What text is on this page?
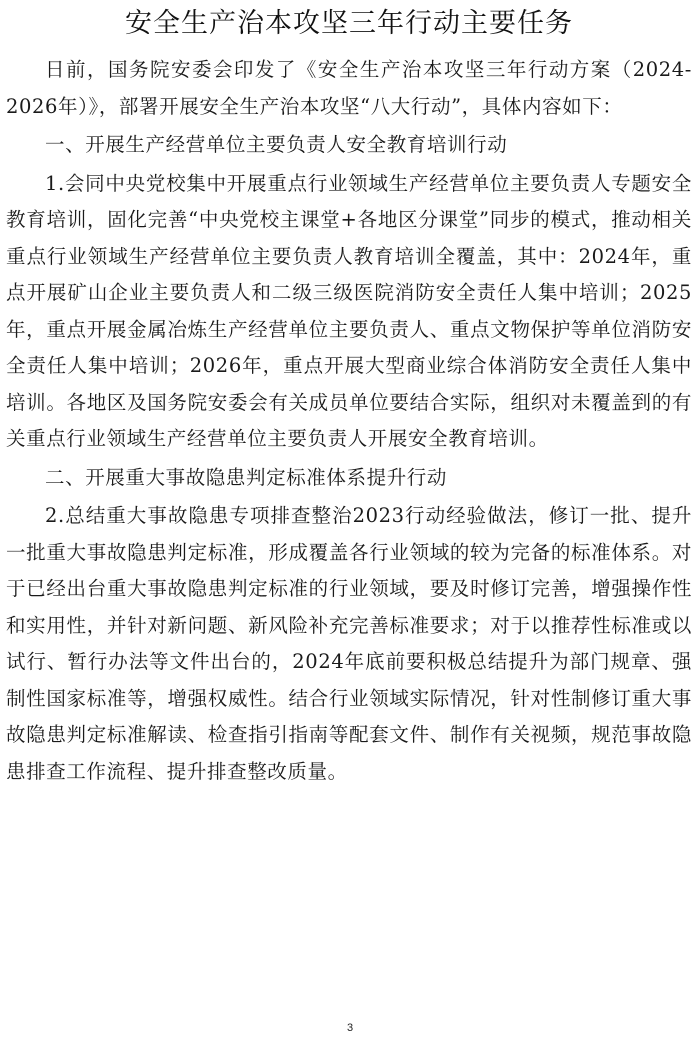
安全生产治本攻坚三年行动主要任务

日前，国务院安委会印发了《安全生产治本攻坚三年行动方案（2024-2026年）》，部署开展安全生产治本攻坚“八大行动”，具体内容如下：

一、开展生产经营单位主要负责人安全教育培训行动

1.会同中央党校集中开展重点行业领域生产经营单位主要负责人专题安全教育培训，固化完善“中央党校主课堂+各地区分课堂”同步的模式，推动相关重点行业领域生产经营单位主要负责人教育培训全覆盖，其中：2024年，重点开展矿山企业主要负责人和二级三级医院消防安全责任人集中培训；2025年，重点开展金属冶炼生产经营单位主要负责人、重点文物保护等单位消防安全责任人集中培训；2026年，重点开展大型商业综合体消防安全责任人集中培训。各地区及国务院安委会有关成员单位要结合实际，组织对未覆盖到的有关重点行业领域生产经营单位主要负责人开展安全教育培训。

二、开展重大事故隐患判定标准体系提升行动

2.总结重大事故隐患专项排查整治2023行动经验做法，修订一批、提升一批重大事故隐患判定标准，形成覆盖各行业领域的较为完备的标准体系。对于已经出台重大事故隐患判定标准的行业领域，要及时修订完善，增强操作性和实用性，并针对新问题、新风险补充完善标准要求；对于以推荐性标准或以试行、暂行办法等文件出台的，2024年底前要积极总结提升为部门规章、强制性国家标准等，增强权威性。结合行业领域实际情况，针对性制修订重大事故隐患判定标准解读、检查指引指南等配套文件、制作有关视频，规范事故隐患排查工作流程、提升排查整改质量。

3
